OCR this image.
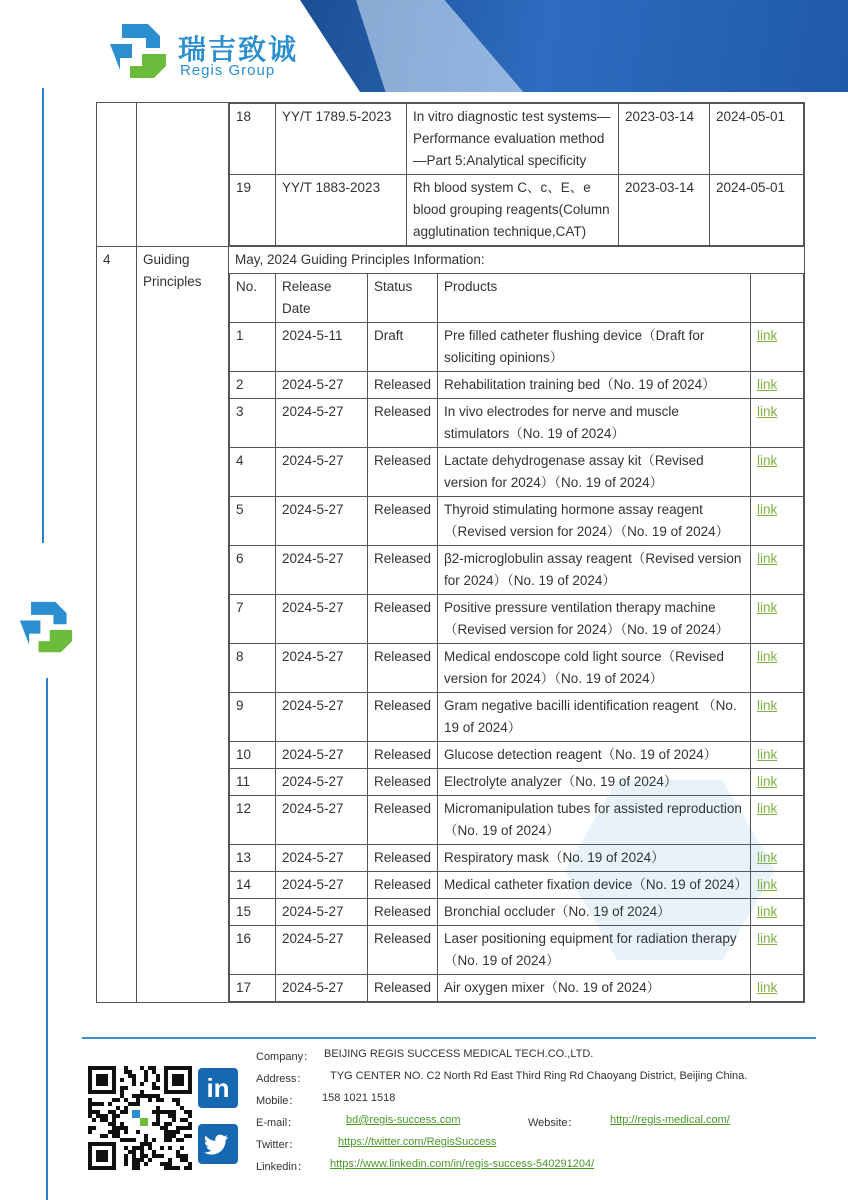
瑞吉致诚
Regis Group

18	YY/T 1789.5-2023	In vitro diagnostic test systems—Performance evaluation method—Part 5:Analytical specificity	2023-03-14	2024-05-01
19	YY/T 1883-2023	Rh blood system C、c、E、e blood grouping reagents(Column agglutination technique,CAT)	2023-03-14	2024-05-01

4	Guiding Principles	
May, 2024 Guiding Principles Information:
No.	Release Date	Status	Products	
1	2024-5-11	Draft	Pre filled catheter flushing device（Draft for soliciting opinions）	link
2	2024-5-27	Released	Rehabilitation training bed（No. 19 of 2024）	link
3	2024-5-27	Released	In vivo electrodes for nerve and muscle stimulators（No. 19 of 2024）	link
4	2024-5-27	Released	Lactate dehydrogenase assay kit（Revised version for 2024）（No. 19 of 2024）	link
5	2024-5-27	Released	Thyroid stimulating hormone assay reagent （Revised version for 2024）（No. 19 of 2024）	link
6	2024-5-27	Released	β2-microglobulin assay reagent（Revised version for 2024）（No. 19 of 2024）	link
7	2024-5-27	Released	Positive pressure ventilation therapy machine （Revised version for 2024）（No. 19 of 2024）	link
8	2024-5-27	Released	Medical endoscope cold light source（Revised version for 2024）（No. 19 of 2024）	link
9	2024-5-27	Released	Gram negative bacilli identification reagent （No. 19 of 2024）	link
10	2024-5-27	Released	Glucose detection reagent（No. 19 of 2024）	link
11	2024-5-27	Released	Electrolyte analyzer（No. 19 of 2024）	link
12	2024-5-27	Released	Micromanipulation tubes for assisted reproduction（No. 19 of 2024）	link
13	2024-5-27	Released	Respiratory mask（No. 19 of 2024）	link
14	2024-5-27	Released	Medical catheter fixation device（No. 19 of 2024）	link
15	2024-5-27	Released	Bronchial occluder（No. 19 of 2024）	link
16	2024-5-27	Released	Laser positioning equipment for radiation therapy（No. 19 of 2024）	link
17	2024-5-27	Released	Air oxygen mixer（No. 19 of 2024）	link
in
Company： BEIJING REGIS SUCCESS MEDICAL TECH.CO.,LTD.
Address： TYG CENTER NO. C2 North Rd East Third Ring Rd Chaoyang District, Beijing China.
Mobile： 158 1021 1518
E-mail：	bd@regis-success.com	Website：	http://regis-medical.com/
Twitter：	https://twitter.com/RegisSuccess
Linkedin： https://www.linkedin.com/in/regis-success-540291204/
